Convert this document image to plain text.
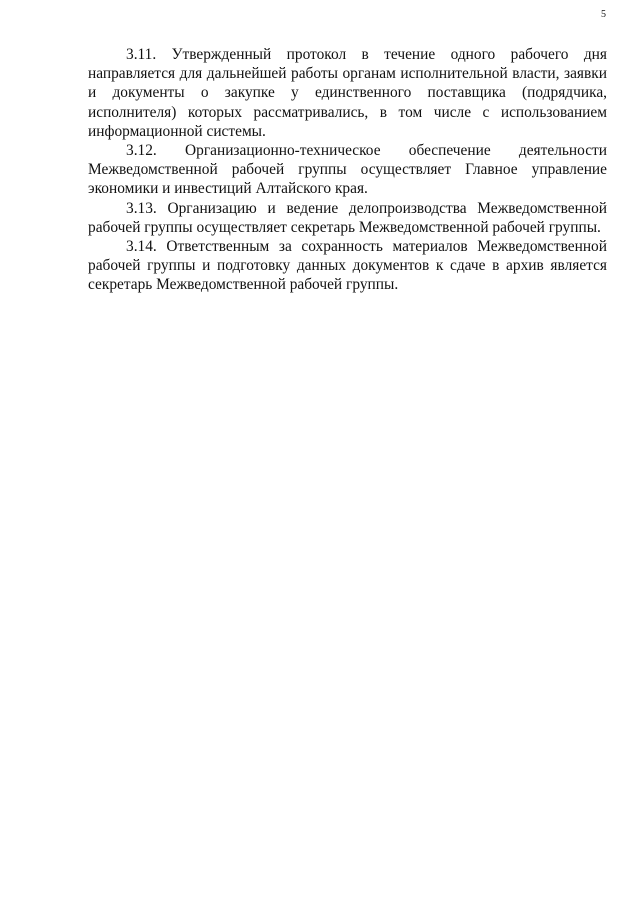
5

3.11. Утвержденный протокол в течение одного рабочего дня направляется для дальнейшей работы органам исполнительной власти, заявки и документы о закупке у единственного поставщика (подрядчика, исполнителя) которых рассматривались, в том числе с использованием информационной системы.

3.12. Организационно-техническое обеспечение деятельности Межведомственной рабочей группы осуществляет Главное управление экономики и инвестиций Алтайского края.

3.13. Организацию и ведение делопроизводства Межведомственной рабочей группы осуществляет секретарь Межведомственной рабочей группы.

3.14. Ответственным за сохранность материалов Межведомственной рабочей группы и подготовку данных документов к сдаче в архив является секретарь Межведомственной рабочей группы.
